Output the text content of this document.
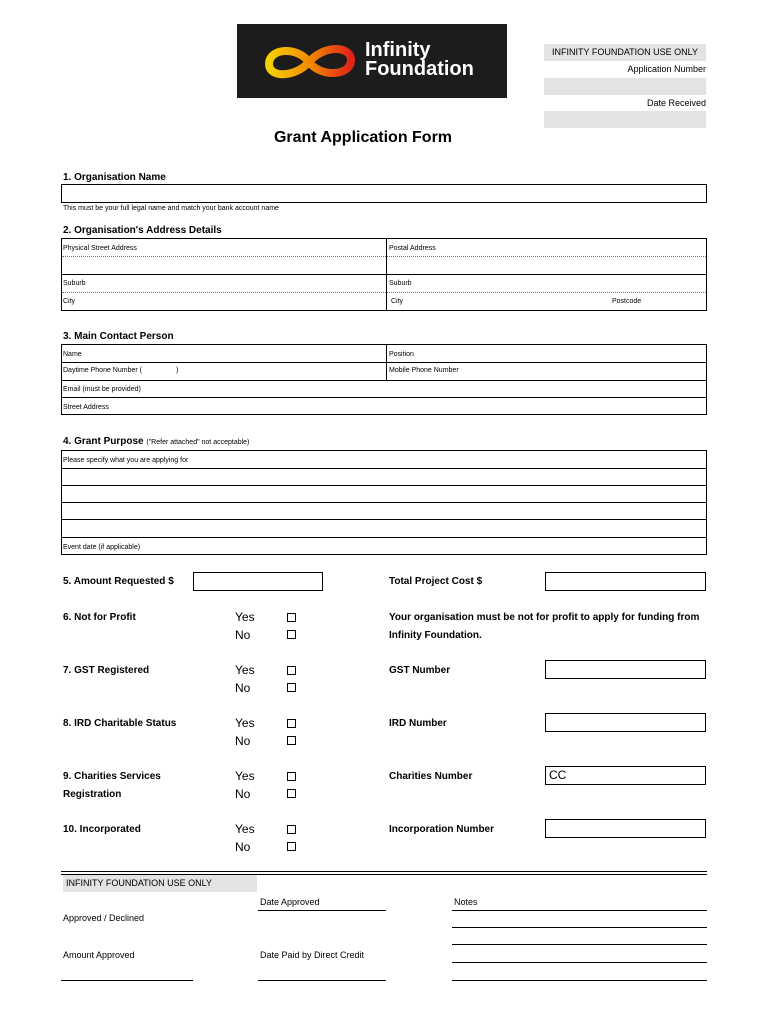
Infinity
Foundation
INFINITY FOUNDATION USE ONLY
Application Number
Date Received
Grant Application Form
1. Organisation Name
This must be your full legal name and match your bank account name
2. Organisation's Address Details
Physical Street Address	Postal Address
Suburb	Suburb
City	City	Postcode
3. Main Contact Person
Name	Position
Daytime Phone Number (	)	Mobile Phone Number
Email (must be provided)
Street Address
4. Grant Purpose ("Refer attached" not acceptable)
Please specify what you are applying for
Event date (if applicable)
5. Amount Requested $	Total Project Cost $
6. Not for Profit	Yes
No
Your organisation must be not for profit to apply for funding from
Infinity Foundation.
7. GST Registered	Yes
No
GST Number
8. IRD Charitable Status	Yes
No
IRD Number
9. Charities Services
Registration
Yes
No
Charities Number	CC
10. Incorporated	Yes
No
Incorporation Number
INFINITY FOUNDATION USE ONLY
Date Approved	Notes
Approved / Declined
Amount Approved	Date Paid by Direct Credit
